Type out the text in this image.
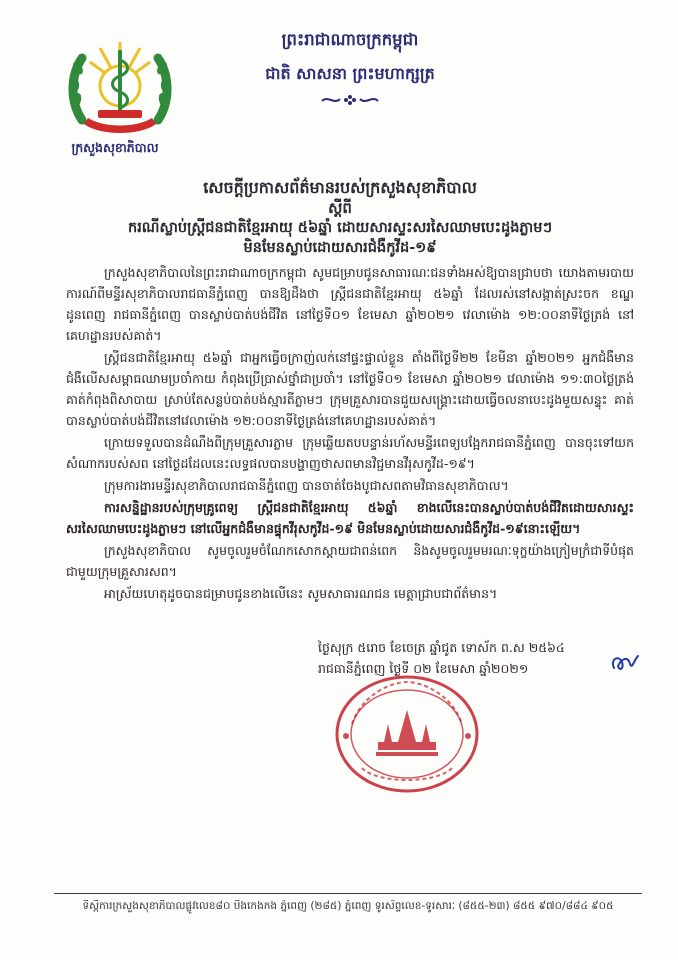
ក្រសួងសុខាភិបាល
ព្រះរាជាណាចក្រកម្ពុជា
ជាតិ សាសនា ព្រះមហាក្សត្រ
សេចក្តីប្រកាសព័ត៌មានរបស់ក្រសួងសុខាភិបាល
ស្តីពី
ករណីស្លាប់ស្ត្រីជនជាតិខ្មែរអាយុ ៥៦ឆ្នាំ ដោយសារស្ទះសរសៃឈាមបេះដូងភ្លាមៗ
មិនមែនស្លាប់ដោយសារជំងឺកូវីដ-១៩

ក្រសួងសុខាភិបាលនៃព្រះរាជាណាចក្រកម្ពុជា សូមជម្រាបជូនសាធារណៈជនទាំងអស់ឱ្យបានជ្រាបថា យោងតាមរបាយការណ៍ពីមន្ទីរសុខាភិបាលរាជធានីភ្នំពេញ បានឱ្យដឹងថា ស្ត្រីជនជាតិខ្មែរអាយុ ៥៦ឆ្នាំ ដែលរស់នៅសង្កាត់ស្រះចក ខណ្ឌដូនពេញ រាជធានីភ្នំពេញ បានស្លាប់បាត់បង់ជីវិត នៅថ្ងៃទី០១ ខែមេសា ឆ្នាំ២០២១ វេលាម៉ោង ១២:០០នាទីថ្ងៃត្រង់ នៅគេហដ្ឋានរបស់គាត់។

ស្ត្រីជនជាតិខ្មែរអាយុ ៥៦ឆ្នាំ ជាអ្នកធ្វើចក្រាញ់លក់នៅផ្ទះផ្ទាល់ខ្លួន តាំងពីថ្ងៃទី២២ ខែមីនា ឆ្នាំ២០២១ អ្នកជំងឺមានជំងឺលើសសម្ពាធឈាមប្រចាំកាយ កំពុងប្រើប្រាស់ថ្នាំជាប្រចាំ។ នៅថ្ងៃទី០១ ខែមេសា ឆ្នាំ២០២១ វេលាម៉ោង ១១:៣០ថ្ងៃត្រង់ គាត់កំពុងពិសាបាយ ស្រាប់តែសន្លប់បាត់បង់ស្មារតីភ្លាមៗ ក្រុមគ្រួសារបានជួយសង្គ្រោះដោយធ្វើចលនាបេះដូងមួយសន្ទុះ គាត់បានស្លាប់បាត់បង់ជីវិតនៅវេលាម៉ោង ១២:០០នាទីថ្ងៃត្រង់នៅគេហដ្ឋានរបស់គាត់។

ក្រោយទទួលបានដំណឹងពីក្រុមគ្រួសារភ្លាម ក្រុមឆ្លើយតបបន្ទាន់រហ័សមន្ទីរពេទ្យបង្អែករាជធានីភ្នំពេញ បានចុះទៅយកសំណាករបស់សព នៅថ្ងៃដដែលនេះលទ្ធផលបានបង្ហាញថាសពមានវិជ្ជមានវីរុសកូវីដ-១៩។

ក្រុមការងារមន្ទីរសុខាភិបាលរាជធានីភ្នំពេញ បានចាត់ចែងបូជាសពតាមវិធានសុខាភិបាល។

ការសន្និដ្ឋានរបស់ក្រុមគ្រូពេទ្យ ស្ត្រីជនជាតិខ្មែរអាយុ ៥៦ឆ្នាំ ខាងលើនេះបានស្លាប់បាត់បង់ជីវិតដោយសារស្ទះសរសៃឈាមបេះដូងភ្លាមៗ នៅលើអ្នកជំងឺមានផ្ទុកវីរុសកូវីដ-១៩ មិនមែនស្លាប់ដោយសារជំងឺកូវីដ-១៩នោះឡើយ។

ក្រសួងសុខាភិបាល សូមចូលរួមចំណែកសោកស្តាយជាពន់ពេក និងសូមចូលរួមមរណៈទុក្ខយ៉ាងក្រៀមក្រំជាទីបំផុតជាមួយក្រុមគ្រួសារសព។

អាស្រ័យហេតុដូចបានជម្រាបជូនខាងលើនេះ សូមសាធារណជន មេត្តាជ្រាបជាព័ត៌មាន។

ថ្ងៃសុក្រ ៥រោច ខែចេត្រ ឆ្នាំជូត ទោស័ក ព.ស ២៥៦៤
រាជធានីភ្នំពេញ ថ្ងៃទី ០២ ខែមេសា ឆ្នាំ២០២១
ទីស្តីការក្រសួងសុខាភិបាលផ្លូវលេខ៨០ បឹងកេងកង ភ្នំពេញ (២៨៥) ភ្នំពេញ ទូរស័ព្ទលេខ-ទូរសារៈ (៨៥៥-២៣) ៨៥៥ ៩៧០/៨៨៤ ៩០៥
